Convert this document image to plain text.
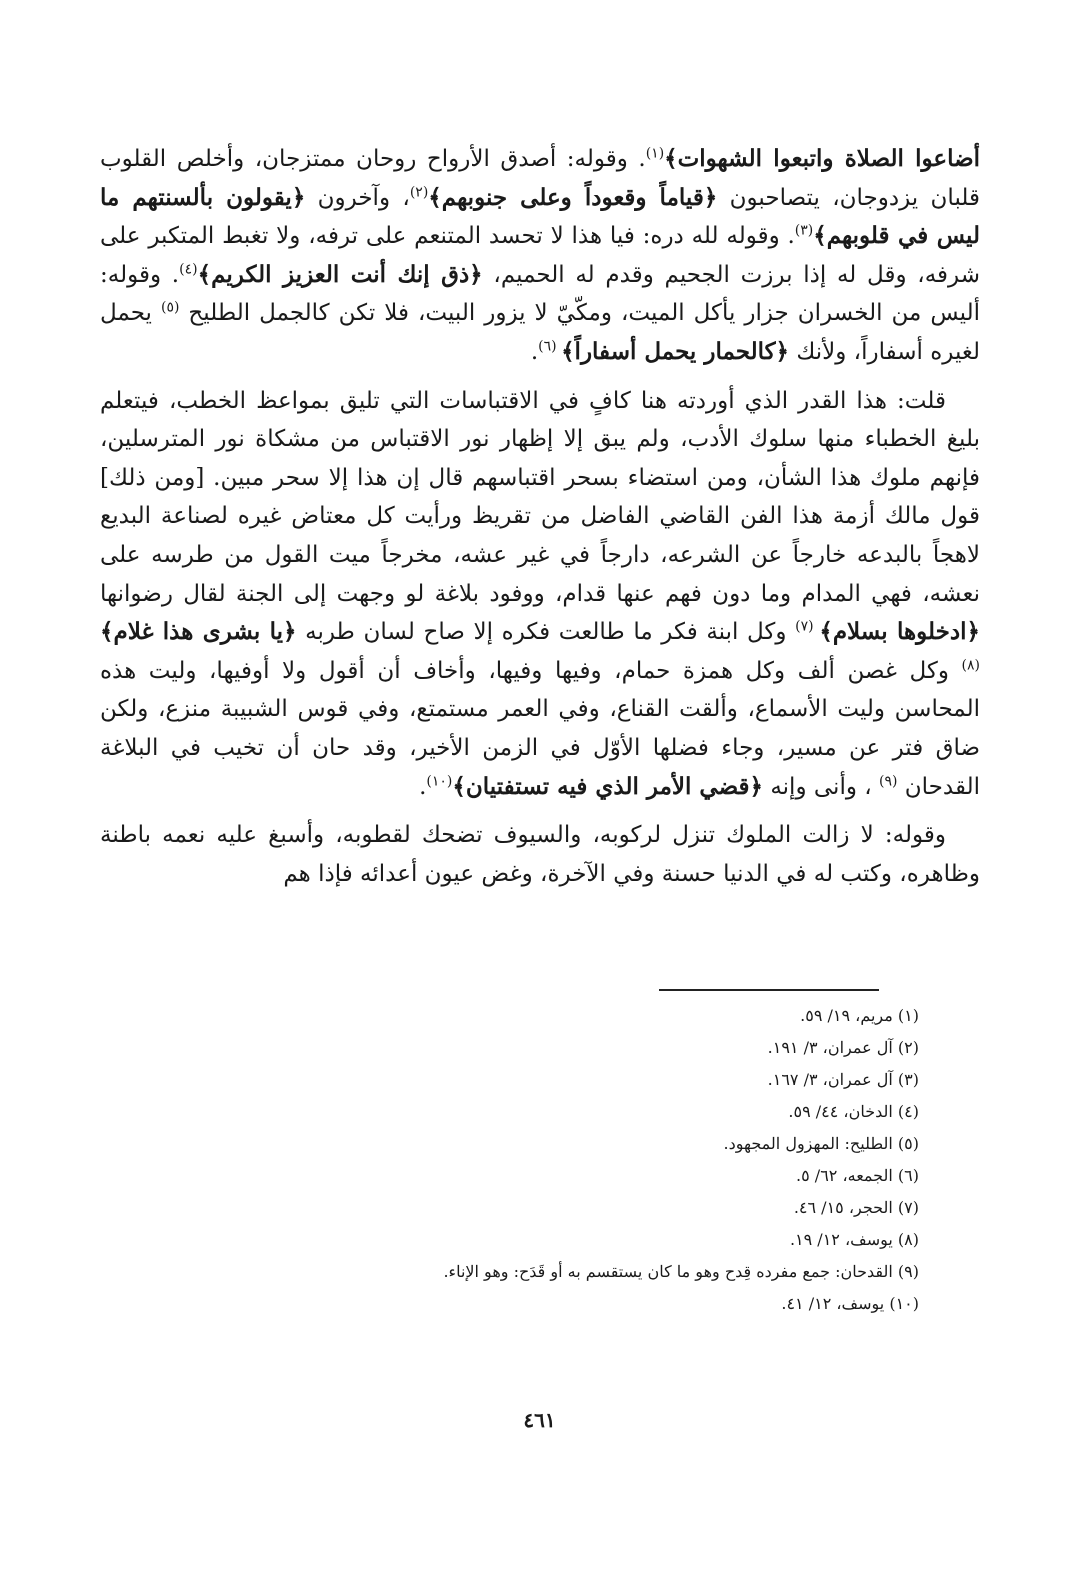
أضاعوا الصلاة واتبعوا الشهوات﴾$^{(١)}$. وقوله: أصدق الأرواح روحان ممتزجان، وأخلص القلوب قلبان يزدوجان، يتصاحبون ﴿قياماً وقعوداً وعلى جنوبهم﴾$^{(٢)}$، وآخرون ﴿يقولون بألسنتهم ما ليس في قلوبهم﴾$^{(٣)}$. وقوله لله دره: فيا هذا لا تحسد المتنعم على ترفه، ولا تغبط المتكبر على شرفه، وقل له إذا برزت الجحيم وقدم له الحميم، ﴿ذق إنك أنت العزيز الكريم﴾$^{(٤)}$. وقوله: أليس من الخسران جزار يأكل الميت، ومكّيّ لا يزور البيت، فلا تكن كالجمل الطليح $^{(٥)}$ يحمل لغيره أسفاراً، ولأنك ﴿كالحمار يحمل أسفاراً﴾ $^{(٦)}$.

قلت: هذا القدر الذي أوردته هنا كافٍ في الاقتباسات التي تليق بمواعظ الخطب، فيتعلم بليغ الخطباء منها سلوك الأدب، ولم يبق إلا إظهار نور الاقتباس من مشكاة نور المترسلين، فإنهم ملوك هذا الشأن، ومن استضاء بسحر اقتباسهم قال إن هذا إلا سحر مبين. [ومن ذلك] قول مالك أزمة هذا الفن القاضي الفاضل من تقريظ ورأيت كل معتاض غيره لصناعة البديع لاهجاً بالبدعه خارجاً عن الشرعه، دارجاً في غير عشه، مخرجاً ميت القول من طرسه على نعشه، فهي المدام وما دون فهم عنها قدام، ووفود بلاغة لو وجهت إلى الجنة لقال رضوانها ﴿ادخلوها بسلام﴾ $^{(٧)}$ وكل ابنة فكر ما طالعت فكره إلا صاح لسان طربه ﴿يا بشرى هذا غلام﴾ $^{(٨)}$ وكل غصن ألف وكل همزة حمام، وفيها وفيها، وأخاف أن أقول ولا أوفيها، وليت هذه المحاسن وليت الأسماع، وألقت القناع، وفي العمر مستمتع، وفي قوس الشبيبة منزع، ولكن ضاق فتر عن مسير، وجاء فضلها الأوّل في الزمن الأخير، وقد حان أن تخيب في البلاغة القدحان $^{(٩)}$ ، وأنى وإنه ﴿قضي الأمر الذي فيه تستفتيان﴾$^{(١٠)}$.

وقوله: لا زالت الملوك تنزل لركوبه، والسيوف تضحك لقطوبه، وأسبغ عليه نعمه باطنة وظاهره، وكتب له في الدنيا حسنة وفي الآخرة، وغض عيون أعدائه فإذا هم

(١) مريم، ١٩/ ٥٩.
(٢) آل عمران، ٣/ ١٩١.
(٣) آل عمران، ٣/ ١٦٧.
(٤) الدخان، ٤٤/ ٥٩.
(٥) الطليح: المهزول المجهود.
(٦) الجمعه، ٦٢/ ٥.
(٧) الحجر، ١٥/ ٤٦.
(٨) يوسف، ١٢/ ١٩.
(٩) القدحان: جمع مفرده قِدح وهو ما كان يستقسم به أو قَدَح: وهو الإناء.
(١٠) يوسف، ١٢/ ٤١.
٤٦١
